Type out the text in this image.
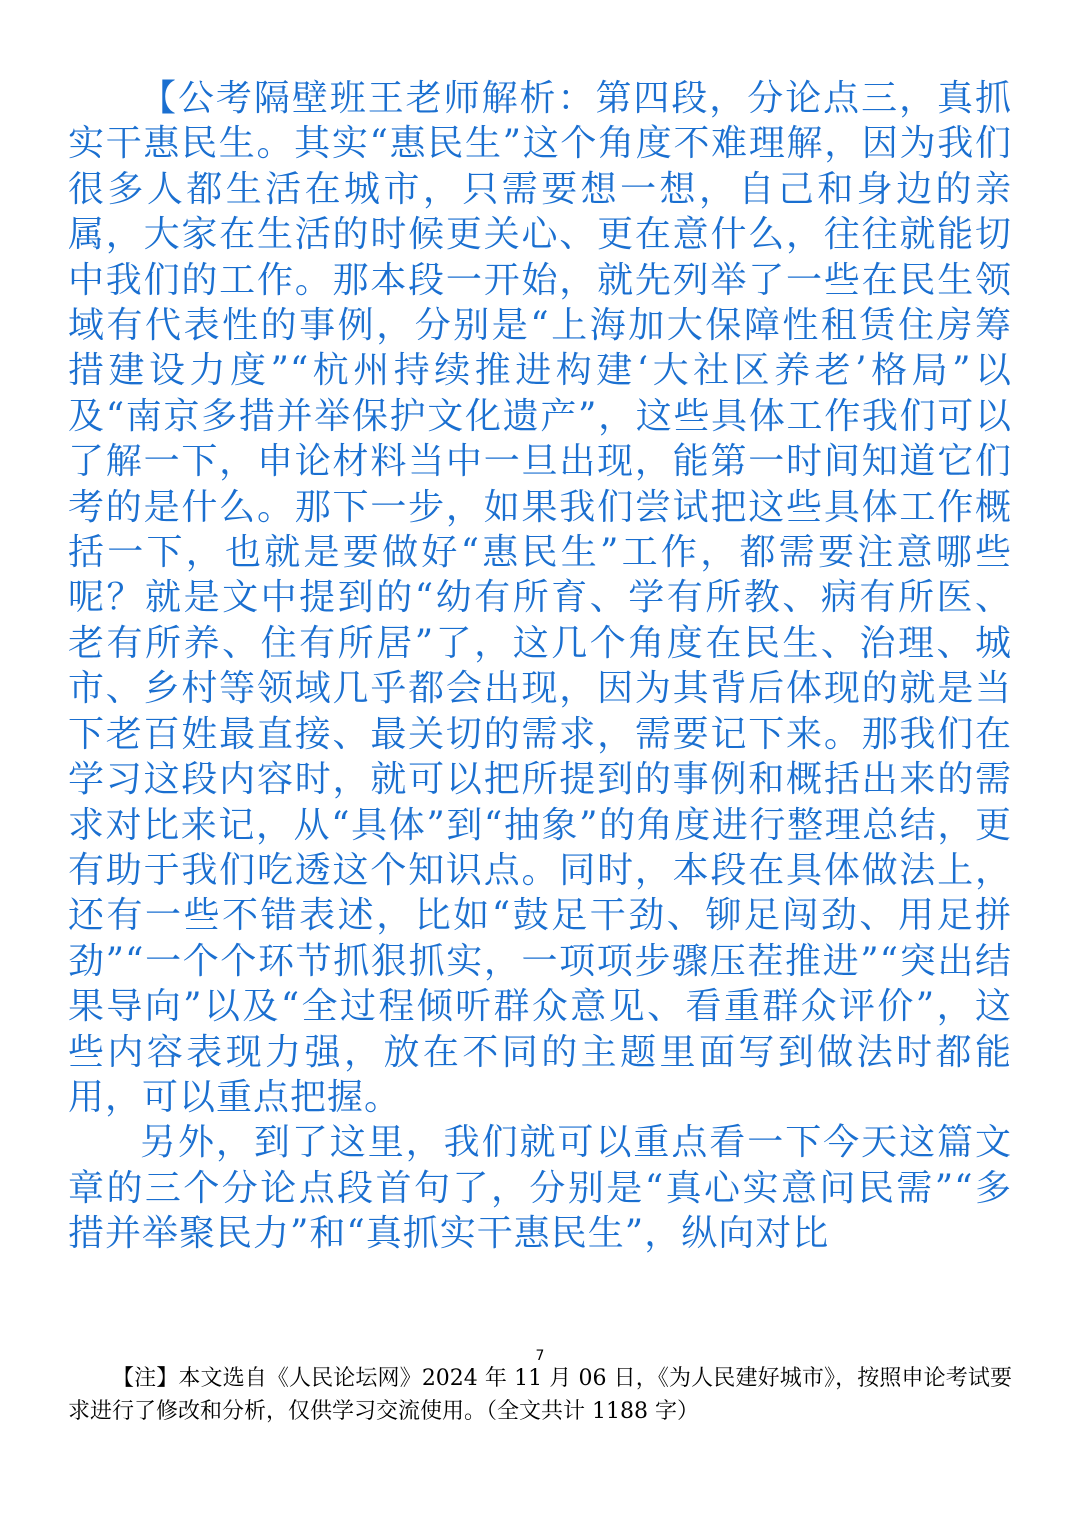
【公考隔壁班王老师解析：第四段，分论点三，真抓实干惠民生。其实“惠民生”这个角度不难理解，因为我们很多人都生活在城市，只需要想一想，自己和身边的亲属，大家在生活的时候更关心、更在意什么，往往就能切中我们的工作。那本段一开始，就先列举了一些在民生领域有代表性的事例，分别是“上海加大保障性租赁住房筹措建设力度”“杭州持续推进构建‘大社区养老’格局”以及“南京多措并举保护文化遗产”，这些具体工作我们可以了解一下，申论材料当中一旦出现，能第一时间知道它们考的是什么。那下一步，如果我们尝试把这些具体工作概括一下，也就是要做好“惠民生”工作，都需要注意哪些呢？就是文中提到的“幼有所育、学有所教、病有所医、老有所养、住有所居”了，这几个角度在民生、治理、城市、乡村等领域几乎都会出现，因为其背后体现的就是当下老百姓最直接、最关切的需求，需要记下来。那我们在学习这段内容时，就可以把所提到的事例和概括出来的需求对比来记，从“具体”到“抽象”的角度进行整理总结，更有助于我们吃透这个知识点。同时，本段在具体做法上，还有一些不错表述，比如“鼓足干劲、铆足闯劲、用足拼劲”“一个个环节抓狠抓实，一项项步骤压茬推进”“突出结果导向”以及“全过程倾听群众意见、看重群众评价”，这些内容表现力强，放在不同的主题里面写到做法时都能用，可以重点把握。

另外，到了这里，我们就可以重点看一下今天这篇文章的三个分论点段首句了，分别是“真心实意问民需”“多措并举聚民力”和“真抓实干惠民生”，纵向对比

7
【注】本文选自《人民论坛网》2024 年 11 月 06 日，《为人民建好城市》，按照申论考试要求进行了修改和分析，仅供学习交流使用。（全文共计 1188 字）
